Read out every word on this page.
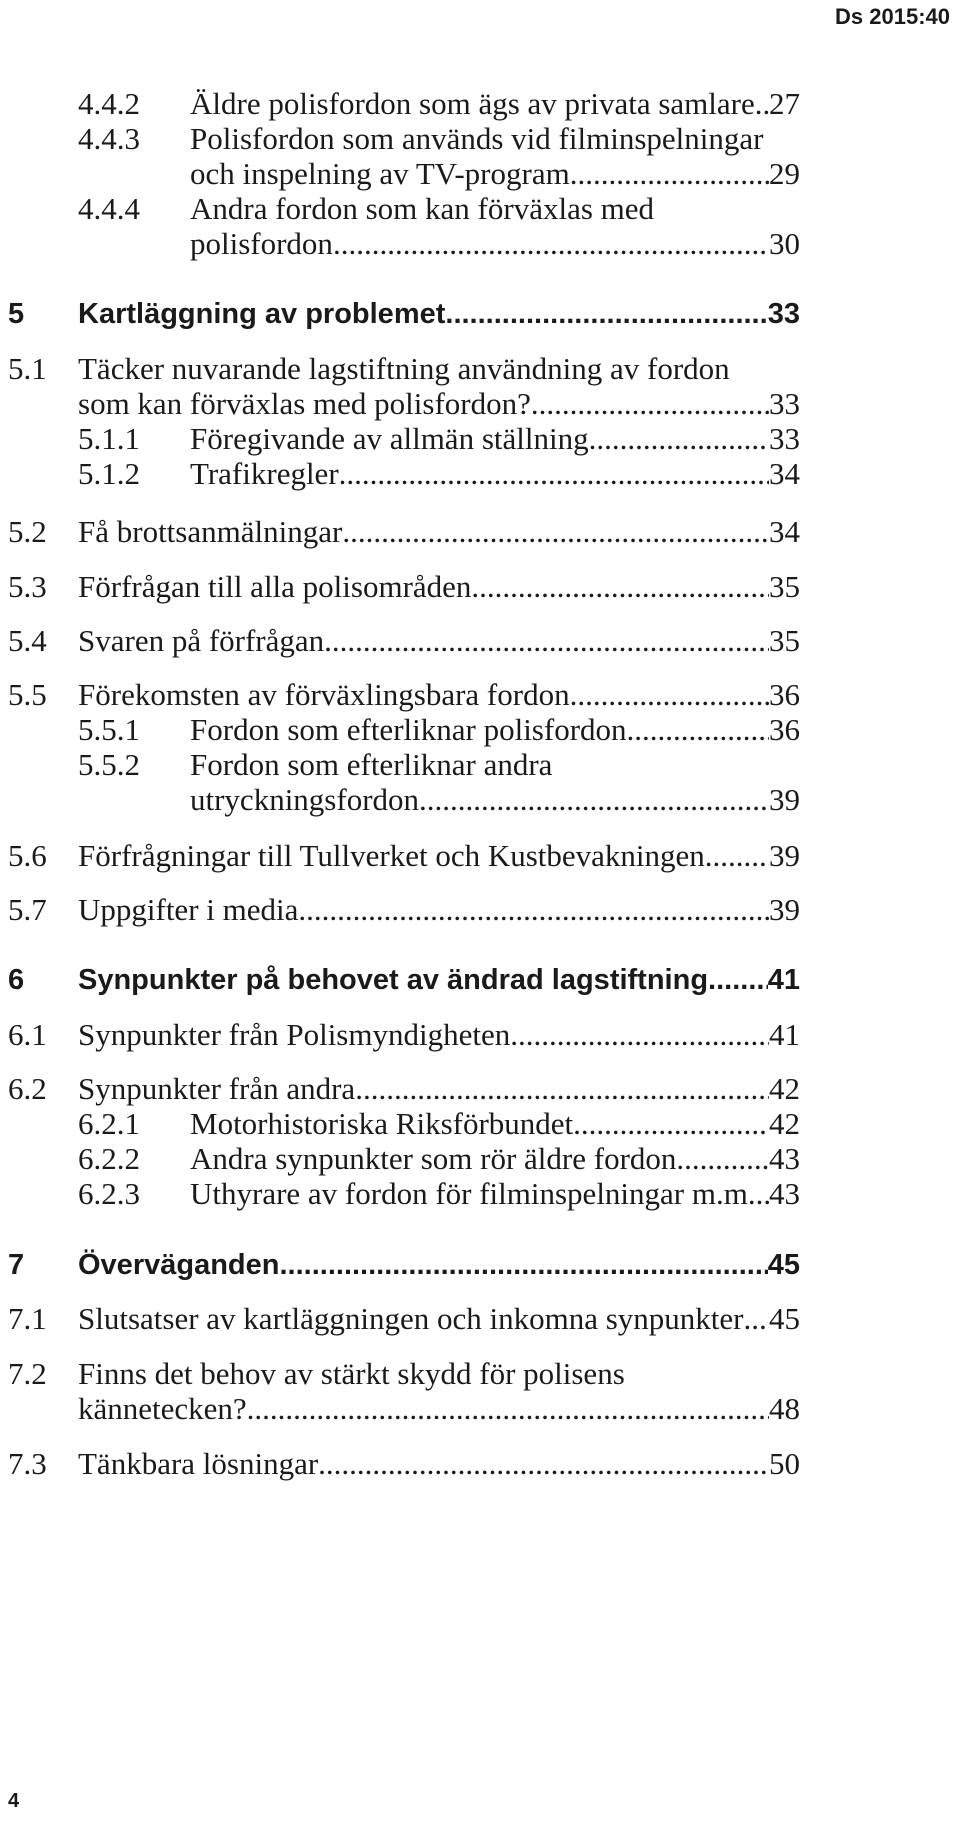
Ds 2015:40
4.4.2 Äldre polisfordon som ägs av privata samlare ..... 27
4.4.3 Polisfordon som används vid filminspelningar
och inspelning av TV-program .....	29
4.4.4 Andra fordon som kan förväxlas med
polisfordon .....	30
5 Kartläggning av problemet .....	33
5.1 Täcker nuvarande lagstiftning användning av fordon
som kan förväxlas med polisfordon? .....	33
5.1.1 Föregivande av allmän ställning .....	33
5.1.2 Trafikregler .....	34
5.2 Få brottsanmälningar .....	34
5.3 Förfrågan till alla polisområden .....	35
5.4 Svaren på förfrågan .....	35
5.5 Förekomsten av förväxlingsbara fordon .....	36
5.5.1 Fordon som efterliknar polisfordon .....	36
5.5.2 Fordon som efterliknar andra
utryckningsfordon .....	39
5.6 Förfrågningar till Tullverket och Kustbevakningen ..... 39
5.7 Uppgifter i media .....	39
6 Synpunkter på behovet av ändrad lagstiftning ..... 41
6.1 Synpunkter från Polismyndigheten .....	41
6.2 Synpunkter från andra .....	42
6.2.1 Motorhistoriska Riksförbundet .....	42
6.2.2 Andra synpunkter som rör äldre fordon .....	43
6.2.3 Uthyrare av fordon för filminspelningar m.m. ..... 43
7 Överväganden .....	45
7.1 Slutsatser av kartläggningen och inkomna synpunkter ..... 45
7.2 Finns det behov av stärkt skydd för polisens
kännetecken? .....	48
7.3 Tänkbara lösningar .....	50
4
